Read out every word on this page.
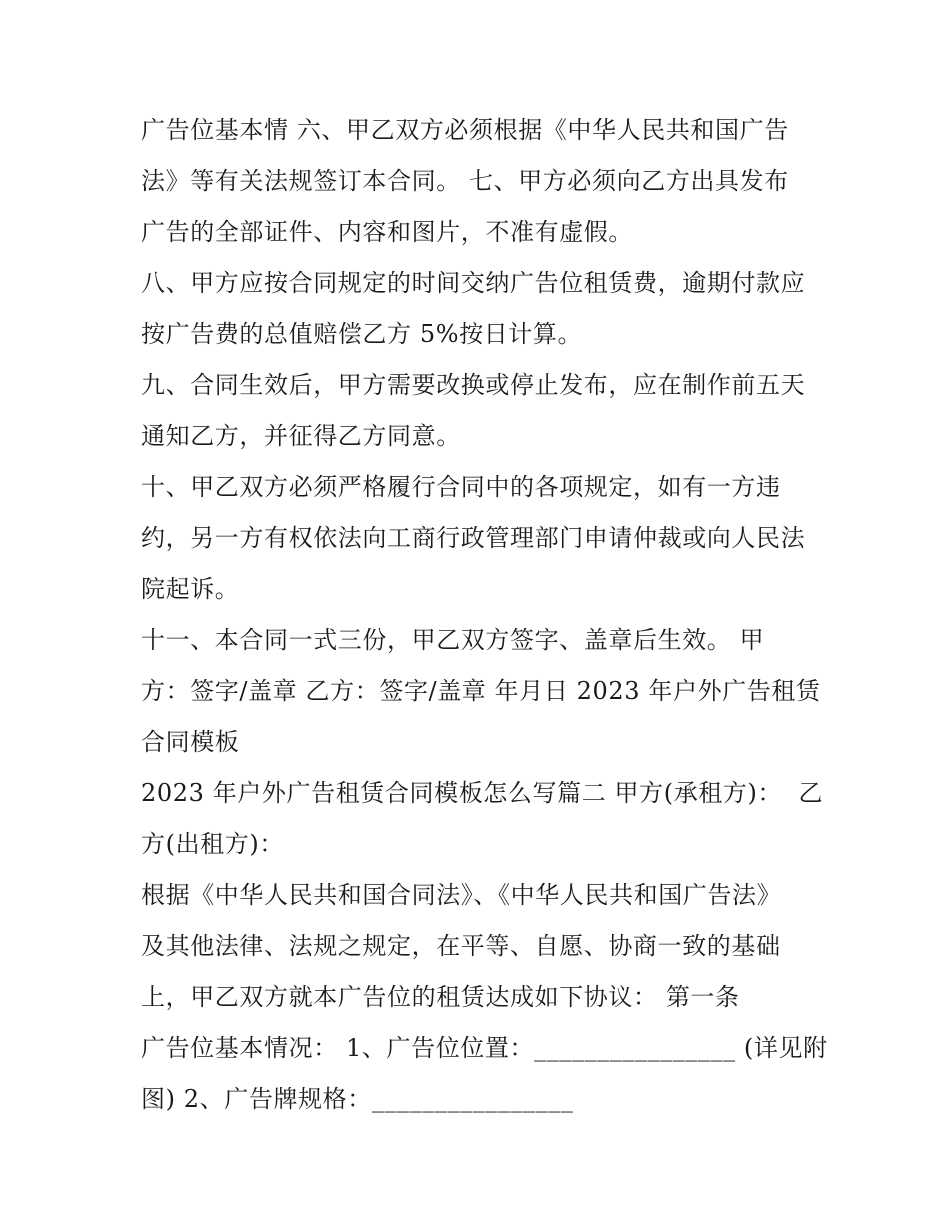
广告位基本情 六、甲乙双方必须根据《中华人民共和国广告
法》等有关法规签订本合同。 七、甲方必须向乙方出具发布
广告的全部证件、内容和图片，不准有虚假。
八、甲方应按合同规定的时间交纳广告位租赁费，逾期付款应
按广告费的总值赔偿乙方 5%按日计算。
九、合同生效后，甲方需要改换或停止发布，应在制作前五天
通知乙方，并征得乙方同意。
十、甲乙双方必须严格履行合同中的各项规定，如有一方违
约，另一方有权依法向工商行政管理部门申请仲裁或向人民法
院起诉。
十一、本合同一式三份，甲乙双方签字、盖章后生效。 甲
方：签字/盖章 乙方：签字/盖章 年月日 2023 年户外广告租赁
合同模板
2023 年户外广告租赁合同模板怎么写篇二 甲方(承租方)：  乙
方(出租方)：
根据《中华人民共和国合同法》、《中华人民共和国广告法》
及其他法律、法规之规定，在平等、自愿、协商一致的基础
上，甲乙双方就本广告位的租赁达成如下协议： 第一条
广告位基本情况： 1、广告位位置：________________ (详见附
图) 2、广告牌规格：________________
